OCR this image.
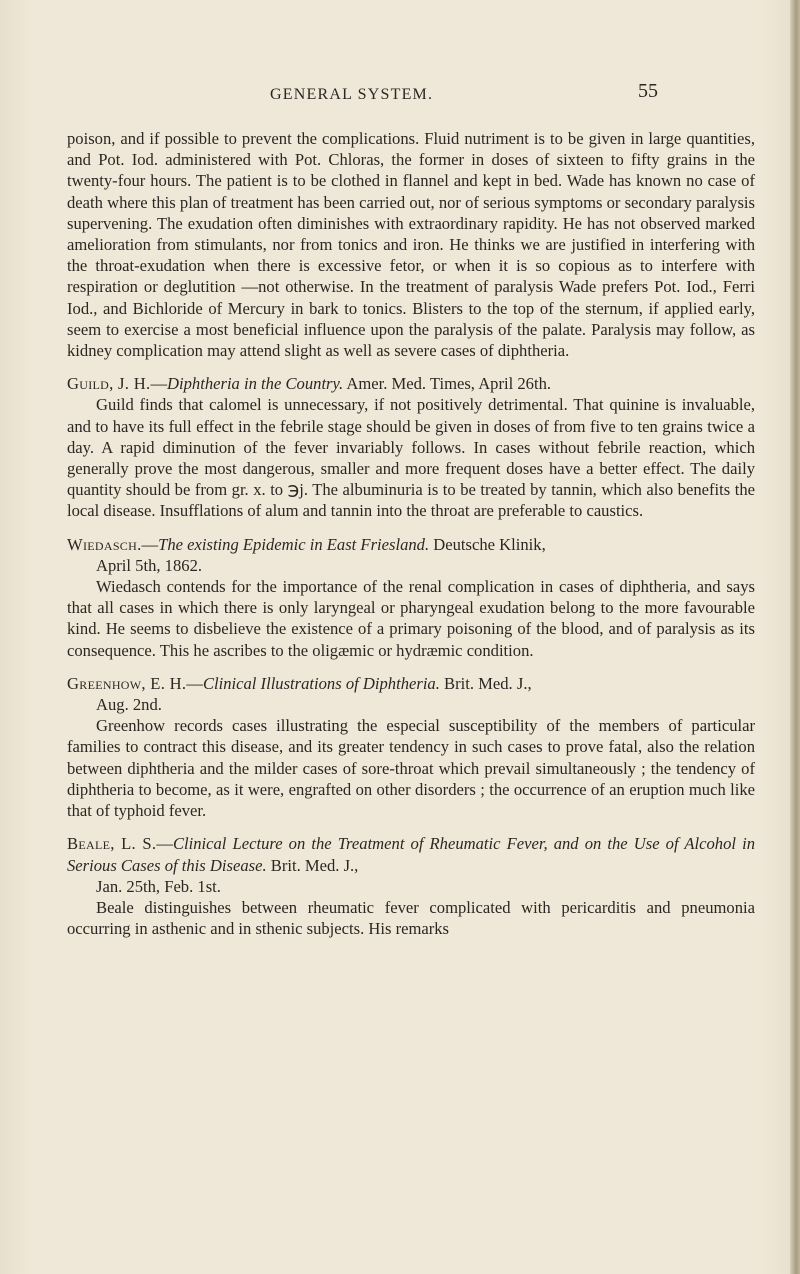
GENERAL SYSTEM.	55

poison, and if possible to prevent the complications. Fluid nutriment is to be given in large quantities, and Pot. Iod. administered with Pot. Chloras, the former in doses of sixteen to fifty grains in the twenty-four hours. The patient is to be clothed in flannel and kept in bed. Wade has known no case of death where this plan of treatment has been carried out, nor of serious symptoms or secondary paralysis supervening. The exudation often diminishes with extraordinary rapidity. He has not observed marked amelioration from stimulants, nor from tonics and iron. He thinks we are justified in interfering with the throat-exudation when there is excessive fetor, or when it is so copious as to interfere with respiration or deglutition —not otherwise. In the treatment of paralysis Wade prefers Pot. Iod., Ferri Iod., and Bichloride of Mercury in bark to tonics. Blisters to the top of the sternum, if applied early, seem to exercise a most beneficial influence upon the paralysis of the palate. Paralysis may follow, as kidney complication may attend slight as well as severe cases of diphtheria.

Guild, J. H.—Diphtheria in the Country. Amer. Med. Times, April 26th.

Guild finds that calomel is unnecessary, if not positively detrimental. That quinine is invaluable, and to have its full effect in the febrile stage should be given in doses of from five to ten grains twice a day. A rapid diminution of the fever invariably follows. In cases without febrile reaction, which generally prove the most dangerous, smaller and more frequent doses have a better effect. The daily quantity should be from gr. x. to ℈j. The albuminuria is to be treated by tannin, which also benefits the local disease. Insufflations of alum and tannin into the throat are preferable to caustics.

Wiedasch.—The existing Epidemic in East Friesland. Deutsche Klinik,
April 5th, 1862.

Wiedasch contends for the importance of the renal complication in cases of diphtheria, and says that all cases in which there is only laryngeal or pharyngeal exudation belong to the more favourable kind. He seems to disbelieve the existence of a primary poisoning of the blood, and of paralysis as its consequence. This he ascribes to the oligæmic or hydræmic condition.

Greenhow, E. H.—Clinical Illustrations of Diphtheria. Brit. Med. J.,
Aug. 2nd.

Greenhow records cases illustrating the especial susceptibility of the members of particular families to contract this disease, and its greater tendency in such cases to prove fatal, also the relation between diphtheria and the milder cases of sore-throat which prevail simultaneously ; the tendency of diphtheria to become, as it were, engrafted on other disorders ; the occurrence of an eruption much like that of typhoid fever.

Beale, L. S.—Clinical Lecture on the Treatment of Rheumatic Fever, and on the Use of Alcohol in Serious Cases of this Disease. Brit. Med. J.,
Jan. 25th, Feb. 1st.

Beale distinguishes between rheumatic fever complicated with pericarditis and pneumonia occurring in asthenic and in sthenic subjects. His remarks
